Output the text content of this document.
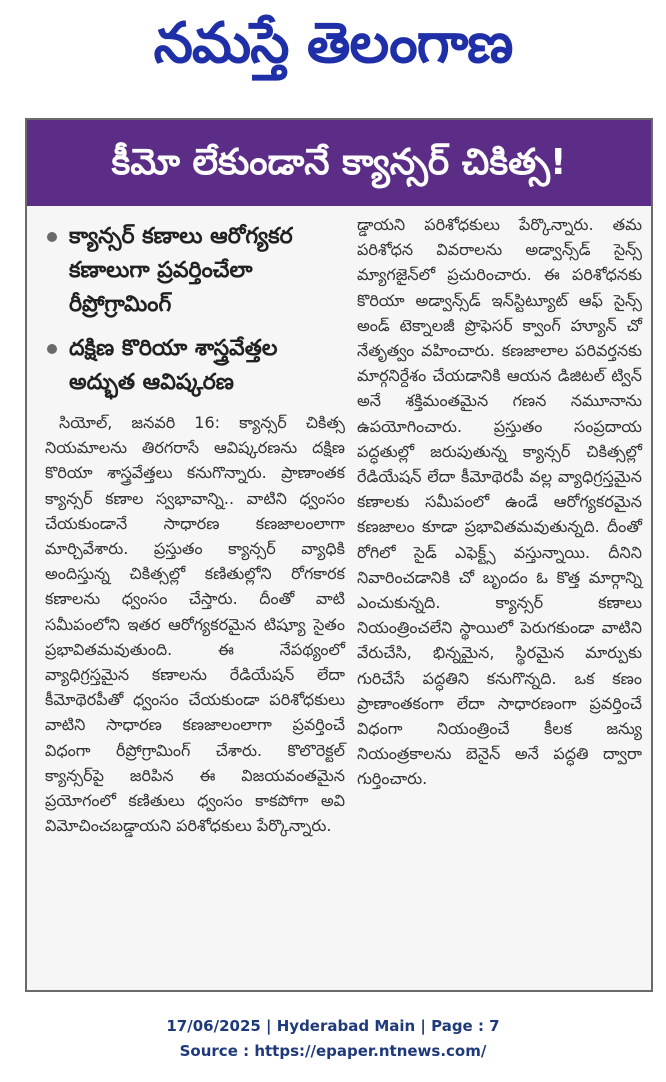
నమస్తే తెలంగాణ
కీమో లేకుండానే క్యాన్సర్ చికిత్స!
క్యాన్సర్ కణాలు ఆరోగ్యకర కణాలుగా ప్రవర్తించేలా రీప్రోగ్రామింగ్
దక్షిణ కొరియా శాస్త్రవేత్తల అద్భుత ఆవిష్కరణ

సియోల్, జనవరి 16: క్యాన్సర్ చికిత్స నియమాలను తిరగరాసే ఆవిష్కరణను దక్షిణ కొరియా శాస్త్రవేత్తలు కనుగొన్నారు. ప్రాణాంతక క్యాన్సర్ కణాల స్వభావాన్ని.. వాటిని ధ్వంసం చేయకుండానే సాధారణ కణజాలంలాగా మార్చివేశారు. ప్రస్తుతం క్యాన్సర్ వ్యాధికి అందిస్తున్న చికిత్సల్లో కణితుల్లోని రోగకారక కణాలను ధ్వంసం చేస్తారు. దీంతో వాటి సమీపంలోని ఇతర ఆరోగ్యకరమైన టిష్యూ సైతం ప్రభావితమవుతుంది. ఈ నేపథ్యంలో వ్యాధిగ్రస్తమైన కణాలను రేడియేషన్ లేదా కీమోథెరపీతో ధ్వంసం చేయకుండా పరిశోధకులు వాటిని సాధారణ కణజాలంలాగా ప్రవర్తించే విధంగా రీప్రోగ్రామింగ్ చేశారు. కొలొరెక్టల్ క్యాన్సర్‌పై జరిపిన ఈ విజయవంతమైన ప్రయోగంలో కణితులు ధ్వంసం కాకపోగా అవి విమోచించబడ్డాయని పరిశోధకులు పేర్కొన్నారు.

డ్డాయని పరిశోధకులు పేర్కొన్నారు. తమ పరిశోధన వివరాలను అడ్వాన్స్‌డ్ సైన్స్ మ్యాగజైన్‌లో ప్రచురించారు. ఈ పరిశోధనకు కొరియా అడ్వాన్స్‌డ్ ఇన్‌స్టిట్యూట్ ఆఫ్ సైన్స్ అండ్ టెక్నాలజీ ప్రొఫెసర్ క్వాంగ్ హ్యూన్ చో నేతృత్వం వహించారు. కణజాలాల పరివర్తనకు మార్గనిర్దేశం చేయడానికి ఆయన డిజిటల్ ట్విన్ అనే శక్తిమంతమైన గణన నమూనాను ఉపయోగించారు. ప్రస్తుతం సంప్రదాయ పద్ధతుల్లో జరుపుతున్న క్యాన్సర్ చికిత్సల్లో రేడియేషన్ లేదా కీమోథెరపీ వల్ల వ్యాధిగ్రస్తమైన కణాలకు సమీపంలో ఉండే ఆరోగ్యకరమైన కణజాలం కూడా ప్రభావితమవుతున్నది. దీంతో రోగిలో సైడ్ ఎఫెక్ట్స్ వస్తున్నాయి. దీనిని నివారించడానికి చో బృందం ఓ కొత్త మార్గాన్ని ఎంచుకున్నది. క్యాన్సర్ కణాలు నియంత్రించలేని స్థాయిలో పెరుగకుండా వాటిని వేరుచేసి, భిన్నమైన, స్థిరమైన మార్పుకు గురిచేసే పద్ధతిని కనుగొన్నది. ఒక కణం ప్రాణాంతకంగా లేదా సాధారణంగా ప్రవర్తించే విధంగా నియంత్రించే కీలక జన్యు నియంత్రకాలను బెనైన్ అనే పద్ధతి ద్వారా గుర్తించారు.

17/06/2025 | Hyderabad Main | Page : 7
Source : https://epaper.ntnews.com/
